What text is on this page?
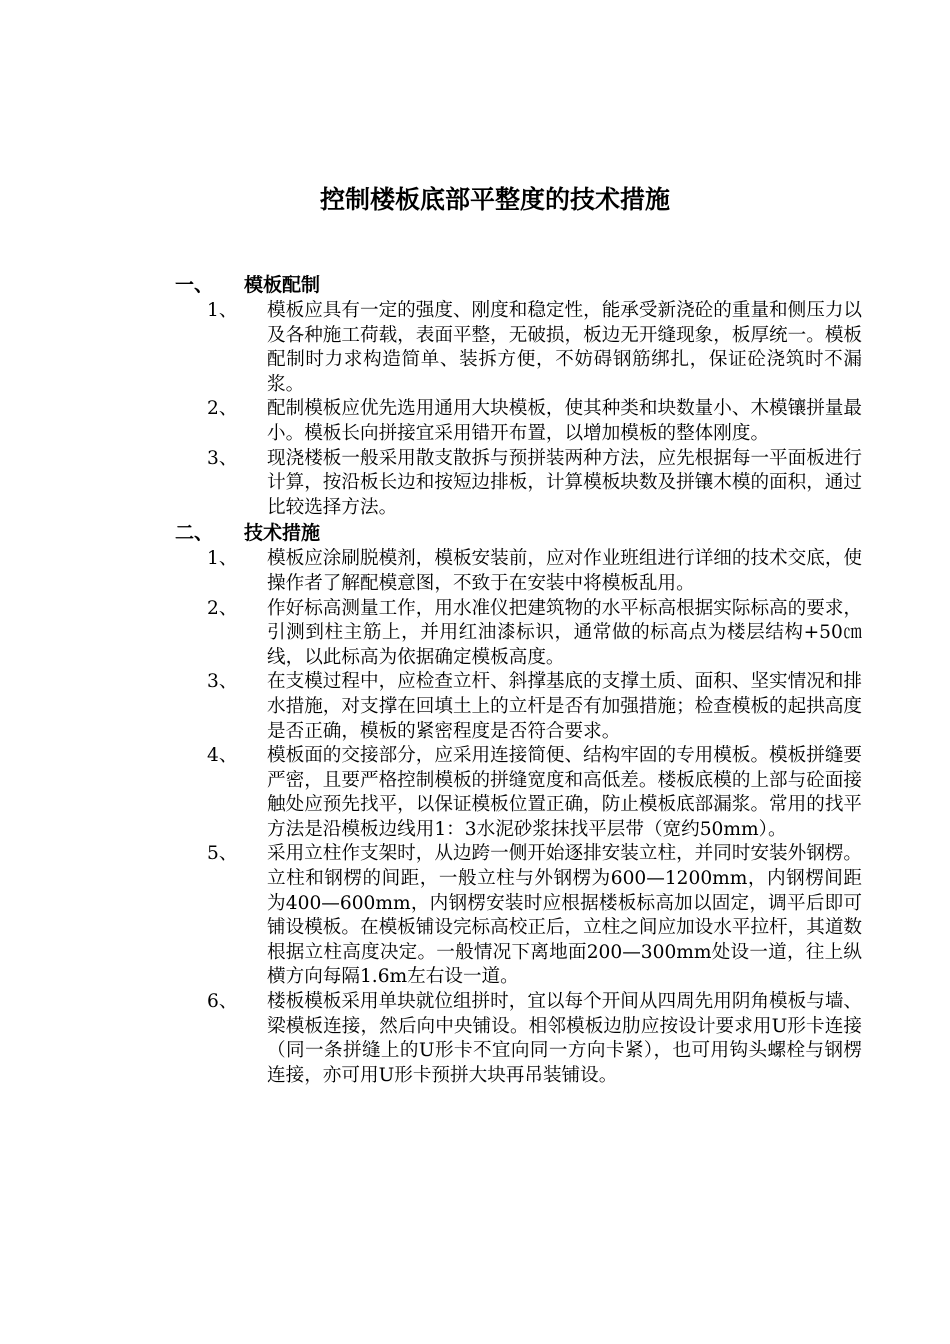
控制楼板底部平整度的技术措施
一、 模板配制
1、 模板应具有一定的强度、刚度和稳定性，能承受新浇砼的重量和侧压力以及各种施工荷载，表面平整，无破损，板边无开缝现象，板厚统一。模板配制时力求构造简单、装拆方便，不妨碍钢筋绑扎，保证砼浇筑时不漏浆。
2、 配制模板应优先选用通用大块模板，使其种类和块数量小、木模镶拼量最小。模板长向拼接宜采用错开布置，以增加模板的整体刚度。
3、 现浇楼板一般采用散支散拆与预拼装两种方法，应先根据每一平面板进行计算，按沿板长边和按短边排板，计算模板块数及拼镶木模的面积，通过比较选择方法。
二、 技术措施
1、 模板应涂刷脱模剂，模板安装前，应对作业班组进行详细的技术交底，使操作者了解配模意图，不致于在安装中将模板乱用。
2、 作好标高测量工作，用水准仪把建筑物的水平标高根据实际标高的要求，引测到柱主筋上，并用红油漆标识，通常做的标高点为楼层结构+50㎝线，以此标高为依据确定模板高度。
3、 在支模过程中，应检查立杆、斜撑基底的支撑土质、面积、坚实情况和排水措施，对支撑在回填土上的立杆是否有加强措施；检查模板的起拱高度是否正确，模板的紧密程度是否符合要求。
4、 模板面的交接部分，应采用连接简便、结构牢固的专用模板。模板拼缝要严密，且要严格控制模板的拼缝宽度和高低差。楼板底模的上部与砼面接触处应预先找平，以保证模板位置正确，防止模板底部漏浆。常用的找平方法是沿模板边线用1：3水泥砂浆抹找平层带（宽约50mm）。
5、 采用立柱作支架时，从边跨一侧开始逐排安装立柱，并同时安装外钢楞。立柱和钢楞的间距，一般立柱与外钢楞为600—1200mm，内钢楞间距为400—600mm，内钢楞安装时应根据楼板标高加以固定，调平后即可铺设模板。在模板铺设完标高校正后，立柱之间应加设水平拉杆，其道数根据立柱高度决定。一般情况下离地面200—300mm处设一道，往上纵横方向每隔1.6m左右设一道。
6、 楼板模板采用单块就位组拼时，宜以每个开间从四周先用阴角模板与墙、梁模板连接，然后向中央铺设。相邻模板边肋应按设计要求用U形卡连接（同一条拼缝上的U形卡不宜向同一方向卡紧），也可用钩头螺栓与钢楞连接，亦可用U形卡预拼大块再吊装铺设。
